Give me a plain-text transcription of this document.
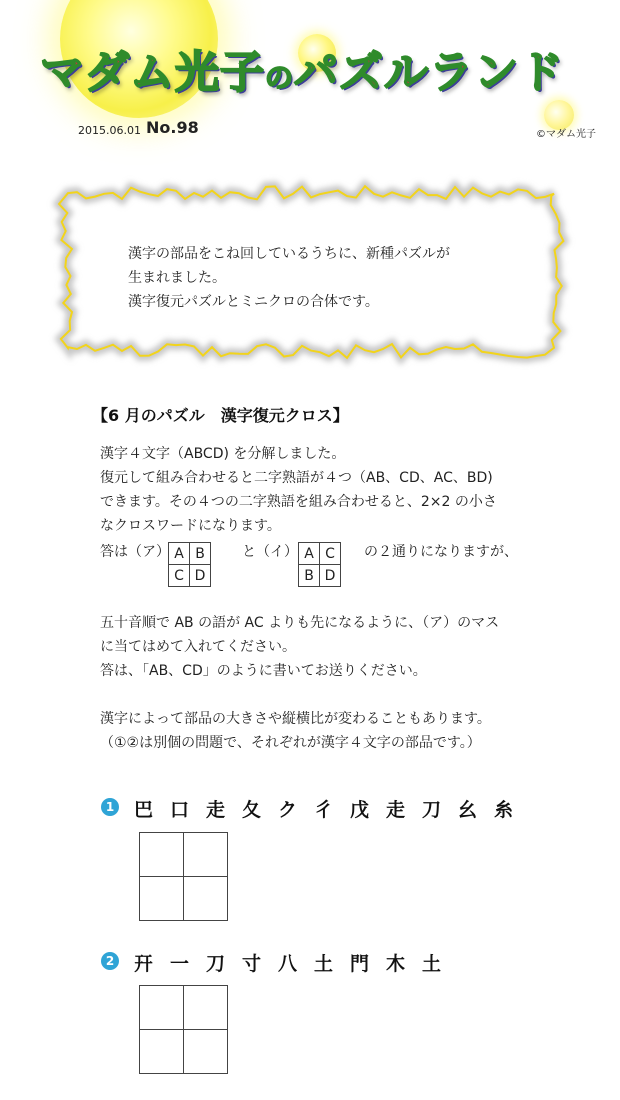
マダム光子のパズルランド
2015.06.01 No.98	©マダム光子
漢字の部品をこね回しているうちに、新種パズルが
生まれました。
漢字復元パズルとミニクロの合体です。
【6 月のパズル　漢字復元クロス】
漢字４文字（ABCD) を分解しました。
復元して組み合わせると二字熟語が４つ（AB、CD、AC、BD)
できます。その４つの二字熟語を組み合わせると、2×2 の小さ
なクロスワードになります。
答は（ア） A	B
C	D
と（イ） A	C
B	D
の２通りになりますが、
五十音順で AB の語が AC よりも先になるように、（ア）のマス
に当てはめて入れてください。
答は、「AB、CD」のように書いてお送りください。
漢字によって部品の大きさや縦横比が変わることもあります。
（①②は別個の問題で、それぞれが漢字４文字の部品です。）
1 巴口走夂ク彳戊走刀幺糸

2 幵一刀寸八土門木土
